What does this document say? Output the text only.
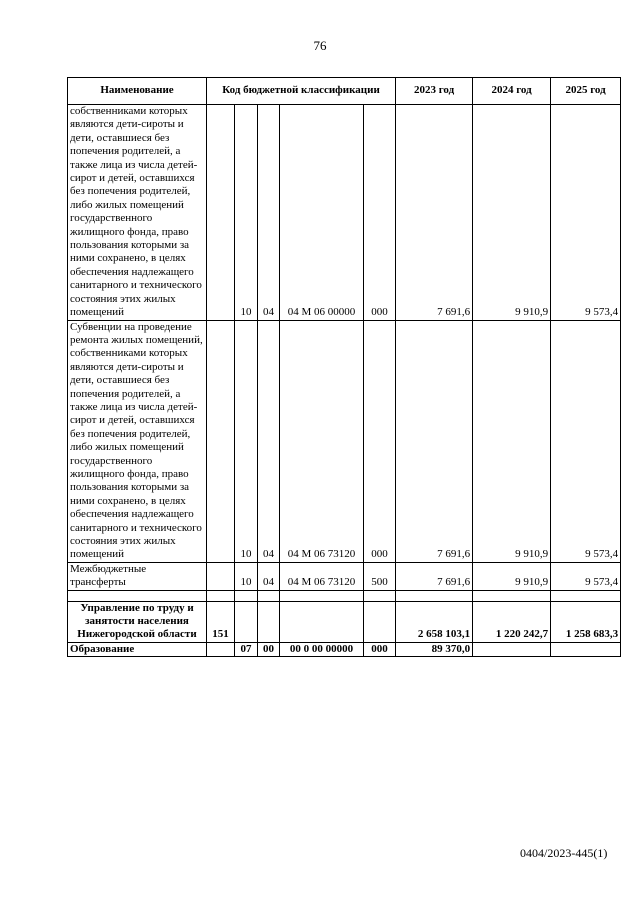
76
Наименование	Код бюджетной классификации					2023 год	2024 год	2025 год
собственниками которых являются дети-сироты и дети, оставшиеся без попечения родителей, а также лица из числа детей-сирот и детей, оставшихся без попечения родителей, либо жилых помещений государственного жилищного фонда, право пользования которыми за ними сохранено, в целях обеспечения надлежащего санитарного и технического состояния этих жилых помещений		10	04	04 М 06 00000	000	7 691,6	9 910,9	9 573,4
Субвенции на проведение ремонта жилых помещений, собственниками которых являются дети-сироты и дети, оставшиеся без попечения родителей, а также лица из числа детей-сирот и детей, оставшихся без попечения родителей, либо жилых помещений государственного жилищного фонда, право пользования которыми за ними сохранено, в целях обеспечения надлежащего санитарного и технического состояния этих жилых помещений		10	04	04 М 06 73120	000	7 691,6	9 910,9	9 573,4
Межбюджетные трансферты		10	04	04 М 06 73120	500	7 691,6	9 910,9	9 573,4

Управление по труду и занятости населения Нижегородской области	151					2 658 103,1	1 220 242,7	1 258 683,3
Образование		07	00	00 0 00 00000	000	89 370,0		
0404/2023-445(1)
